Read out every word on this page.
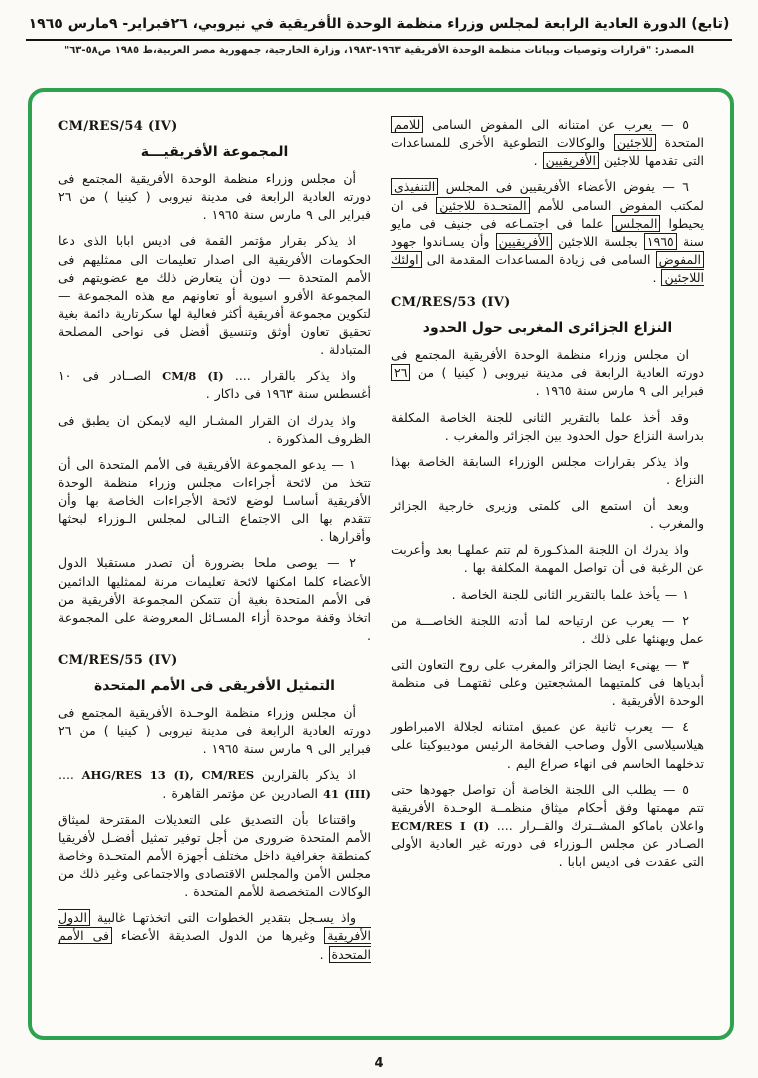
(تابع) الدورة العادية الرابعة لمجلس وزراء منظمة الوحدة الأفريقية في نيروبي، ٢٦فبراير- ٩مارس ١٩٦٥
المصدر: "قرارات وتوصيات وبيانات منظمة الوحدة الأفريقية ١٩٦٣-١٩٨٣، وزارة الخارجية، جمهورية مصر العربية،ط ١٩٨٥ ص٥٨-٦٣"
٥ — يعرب عن امتنانه الى المفوض السامى للامم المتحدة للاجئين والوكالات التطوعية الأخرى للمساعدات التى تقدمها للاجئين الأفريقيين .
٦ — يفوض الأعضاء الأفريقيين فى المجلس التنفيذى لمكتب المفوض السامى للأمم المتحـدة للاجئين فى ان يحيطوا المجلس علما فى اجتمـاعه فى جنيف فى مايو سنة ١٩٦٥ بجلسة اللاجئين الأفريقيين وأن يسـاندوا جهود المفوض السامى فى زيادة المساعدات المقدمة الى اولئك اللاجئين .
CM/RES/53 (IV)
النزاع الجزائرى المغربى حول الحدود
ان مجلس وزراء منظمة الوحدة الأفريقية المجتمع فى دورته العادية الرابعة فى مدينة نيروبى ( كينيا ) من ٢٦ فبراير الى ٩ مارس سنة ١٩٦٥ .
وقد أخذ علما بالتقرير الثانى للجنة الخاصة المكلفة بدراسة النزاع حول الحدود بين الجزائر والمغرب .
واذ يذكر بقرارات مجلس الوزراء السابقة الخاصة بهذا النزاع .
وبعد أن استمع الى كلمتى وزيرى خارجية الجزائر والمغرب .
واذ يدرك ان اللجنة المذكـورة لم تتم عملهـا بعد وأعربت عن الرغبة فى أن تواصل المهمة المكلفة بها .
١ — يأخذ علما بالتقرير الثانى للجنة الخاصة .
٢ — يعرب عن ارتياحه لما أدته اللجنة الخاصـــة من عمل ويهنئها على ذلك .
٣ — يهنىء ايضا الجزائر والمغرب على روح التعاون التى أبدياها فى كلمتيهما المشجعتين وعلى ثقتهمـا فى منظمة الوحدة الأفريقية .
٤ — يعرب ثانية عن عميق امتنانه لجلالة الامبراطور هيلاسيلاسى الأول وصاحب الفخامة الرئيس موديبوكيتا على تدخلهما الحاسم فى انهاء صراع اليم .
٥ — يطلب الى اللجنة الخاصة أن تواصل جهودها حتى تتم مهمتها وفق أحكام ميثاق منظمــة الوحـدة الأفريقية واعلان باماكو المشــترك والقــرار .... ECM/RES I (I) الصـادر عن مجلس الـوزراء فى دورته غير العادية الأولى التى عقدت فى اديس ابابا .
CM/RES/54 (IV)
المجموعة الأفريقيـــة
أن مجلس وزراء منظمة الوحدة الأفريقية المجتمع فى دورته العادية الرابعة فى مدينة نيروبى ( كينيا ) من ٢٦ فبراير الى ٩ مارس سنة ١٩٦٥ .
اذ يذكر بقرار مؤتمر القمة فى اديس ابابا الذى دعا الحكومات الأفريقية الى اصدار تعليمات الى ممثليهم فى الأمم المتحدة — دون أن يتعارض ذلك مع عضويتهم فى المجموعة الأفرو اسيوية أو تعاونهم مع هذه المجموعة — لتكوين مجموعة أفريقية أكثر فعالية لها سكرتارية دائمة بغية تحقيق تعاون أوثق وتنسيق أفضل فى نواحى المصلحة المتبادلة .
واذ يذكر بالقرار .... CM/8 (I) الصــادر فى ١٠ أغسطس سنة ١٩٦٣ فى داكار .
واذ يدرك ان القرار المشـار اليه لايمكن ان يطبق فى الظروف المذكورة .
١ — يدعو المجموعة الأفريقية فى الأمم المتحدة الى أن تتخذ من لائحة أجراءات مجلس وزراء منظمة الوحدة الأفريقية أساسـا لوضع لائحة الأجراءات الخاصة بها وأن تتقدم بها الى الاجتماع التـالى لمجلس الـوزراء لبحثها وأقرارها .
٢ — يوصى ملحا بضرورة أن تصدر مستقبلا الدول الأعضاء كلما امكنها لائحة تعليمات مرنة لممثليها الدائمين فى الأمم المتحدة بغية أن تتمكن المجموعة الأفريقية من اتخاذ وقفة موحدة أزاء المسـائل المعروضة على المجموعة .
CM/RES/55 (IV)
التمثيل الأفريقى فى الأمم المتحدة
أن مجلس وزراء منظمة الوحـدة الأفريقية المجتمع فى دورته العادية الرابعة فى مدينة نيروبى ( كينيا ) من ٢٦ فبراير الى ٩ مارس سنة ١٩٦٥ .
اذ يذكر بالقرارين AHG/RES 13 (I), CM/RES .... 41 (III) الصادرين عن مؤتمر القاهرة .
واقتناعا بأن التصديق على التعديلات المقترحة لميثاق الأمم المتحدة ضرورى من أجل توفير تمثيل أفضـل لأفريقيا كمنطقة جغرافية داخل مختلف أجهزة الأمم المتحـدة وخاصة مجلس الأمن والمجلس الاقتصادى والاجتماعى وغير ذلك من الوكالات المتخصصة للأمم المتحدة .
واذ يسـجل بتقدير الخطوات التى اتخذتهـا غالبية الدول الأفريقية وغيرها من الدول الصديقة الأعضاء فى الأمم المتحدة .
4
